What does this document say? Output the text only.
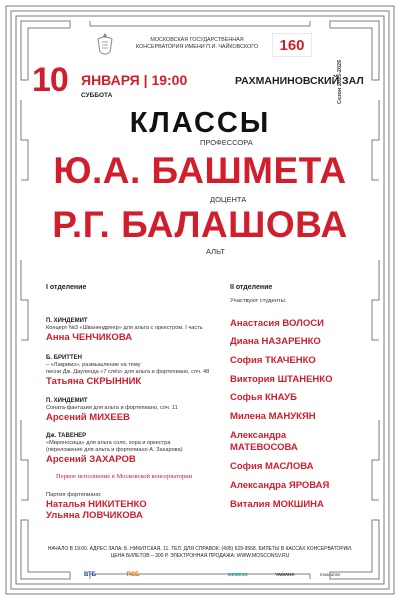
МОСКОВСКАЯ ГОСУДАРСТВЕННАЯ КОНСЕРВАТОРИЯ ИМЕНИ П.И. ЧАЙКОВСКОГО 160
Сезон 2025-2026
10 ЯНВАРЯ | 19:00
СУББОТА
РАХМАНИНОВСКИЙ ЗАЛ
КЛАССЫ
ПРОФЕССОРА
Ю.А. БАШМЕТА
ДОЦЕНТА
Р.Г. БАЛАШОВА
АЛЬТ
I отделение
П. ХИНДЕМИТ
Концерт №3 «Шванендреер» для альта с оркестром. I часть
Анна ЧЕНЧИКОВА
Б. БРИТТЕН
– «Лакримэ», размышление на тему
песни Дж. Дауленда «7 слёз» для альта и фортепиано, соч. 48
Татьяна СКРЫННИК
П. ХИНДЕМИТ
Соната-фантазия для альта и фортепиано, соч. 11
Арсений МИХЕЕВ
Дж. ТАВЕНЕР
«Мироносица» для альта соло, хора и оркестра
(переложение для альта и фортепиано А. Захарова)
Арсений ЗАХАРОВ
Первое исполнение в Московской консерватории
Партия фортепиано:
Наталья НИКИТЕНКО
Ульяна ЛОВЧИКОВА
II отделение
Участвуют студенты:
Анастасия ВОЛОСИ
Диана НАЗАРЕНКО
София ТКАЧЕНКО
Виктория ШТАНЕНКО
Софья КНАУБ
Милена МАНУКЯН
Александра
МАТЕВОСОВА
София МАСЛОВА
Александра ЯРОВАЯ
Виталия МОКШИНА
НАЧАЛО В 19:00. АДРЕС ЗАЛА: Б. НИКИТСКАЯ, 11. ТЕЛ. ДЛЯ СПРАВОК: (495) 629-9568. БИЛЕТЫ В КАССАХ КОНСЕРВАТОРИИ.
ЦЕНА БИЛЕТОВ – 300 Р. ЭЛЕКТРОННАЯ ПРОДАЖА: WWW.MOSCONSV.RU
ВТБ	ПСБ	SIEMENS	YAMAHA	mosconsv
